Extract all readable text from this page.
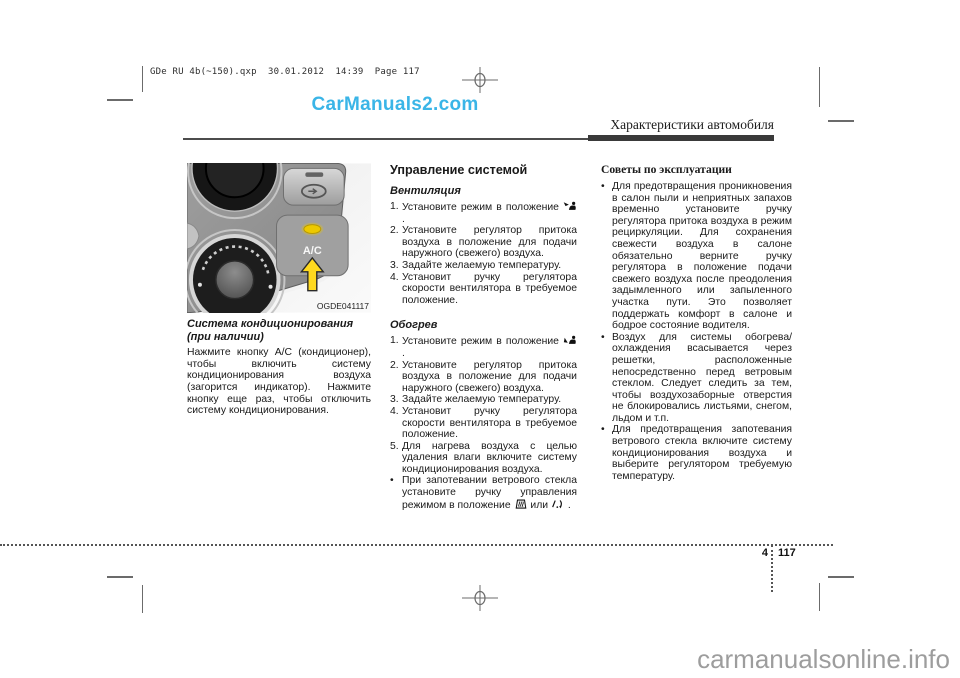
GDe RU 4b(~150).qxp  30.01.2012  14:39  Page 117
CarManuals2.com
carmanualsonline.info
Характеристики автомобиля
A/C
OGDE041117
Система кондиционирования
(при наличии)

Нажмите кнопку A/C (кондиционер), чтобы включить систему кондиционирования воздуха (загорится индикатор). Нажмите кнопку еще раз, чтобы отключить систему кондиционирования.

Управление системой
Вентиляция
1. Установите режим в положение
.
2. Установите регулятор притока воздуха в положение для подачи наружного (свежего) воздуха.
3. Задайте желаемую температуру.
4. Установит ручку регулятора скорости вентилятора в требуемое положение.
Обогрев
1. Установите режим в положение
.
2. Установите регулятор притока воздуха в положение для подачи наружного (свежего) воздуха.
3. Задайте желаемую температуру.
4. Установит ручку регулятора скорости вентилятора в требуемое положение.
5. Для нагрева воздуха с целью удаления влаги включите систему кондиционирования воздуха.
• При запотевании ветрового стекла установите ручку управления режимом в положение
или
.
Советы по эксплуатации
• Для предотвращения проникновения в салон пыли и неприятных запахов временно установите ручку регулятора притока воздуха в режим рециркуляции. Для сохранения свежести воздуха в салоне обязательно верните ручку регулятора в положение подачи свежего воздуха после преодоления задымленного или запыленного участка пути. Это позволяет поддержать комфорт в салоне и бодрое состояние водителя.
• Воздух для системы обогрева/охлаждения всасывается через решетки, расположенные непосредственно перед ветровым стеклом. Следует следить за тем, чтобы воздухозаборные отверстия не блокировались листьями, снегом, льдом и т.п.
• Для предотвращения запотевания ветрового стекла включите систему кондиционирования воздуха и выберите регулятором требуемую температуру.
4 117
